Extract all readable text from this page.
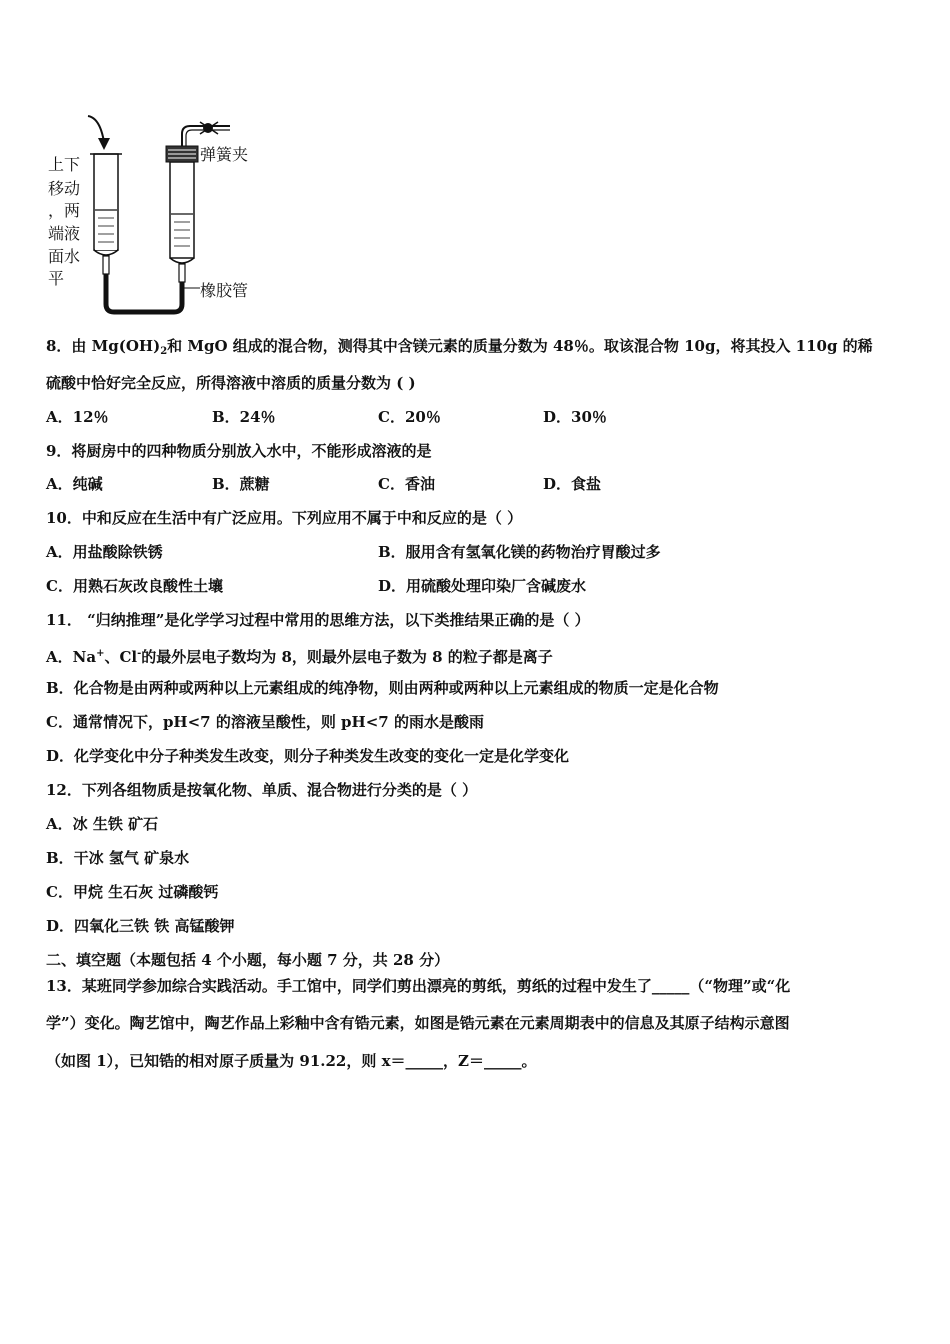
上下
移动
，两
端液
面水
平
弹簧夹
橡胶管
8．由 $Mg(OH)_2$和 MgO 组成的混合物，测得其中含镁元素的质量分数为 48％。取该混合物 10g，将其投入 110g 的稀
硫酸中恰好完全反应，所得溶液中溶质的质量分数为 ( )
A．12％	B．24％	C．20％	D．30％
9．将厨房中的四种物质分别放入水中，不能形成溶液的是
A．纯碱	B．蔗糖	C．香油	D．食盐
10．中和反应在生活中有广泛应用。下列应用不属于中和反应的是（ ）
A．用盐酸除铁锈	B．服用含有氢氧化镁的药物治疗胃酸过多
C．用熟石灰改良酸性土壤	D．用硫酸处理印染厂含碱废水
11． “归纳推理”是化学学习过程中常用的思维方法，以下类推结果正确的是（ ）
A．Na+、Cl-的最外层电子数均为 8，则最外层电子数为 8 的粒子都是离子
B．化合物是由两种或两种以上元素组成的纯净物，则由两种或两种以上元素组成的物质一定是化合物
C．通常情况下，pH<7 的溶液呈酸性，则 pH<7 的雨水是酸雨
D．化学变化中分子种类发生改变，则分子种类发生改变的变化一定是化学变化
12．下列各组物质是按氧化物、单质、混合物进行分类的是（ ）
A．冰 生铁 矿石
B．干冰 氢气 矿泉水
C．甲烷 生石灰 过磷酸钙
D．四氧化三铁 铁 高锰酸钾
二、填空题（本题包括 4 个小题，每小题 7 分，共 28 分）
13．某班同学参加综合实践活动。手工馆中，同学们剪出漂亮的剪纸，剪纸的过程中发生了_____（“物理”或“化
学”）变化。陶艺馆中，陶艺作品上彩釉中含有锆元素，如图是锆元素在元素周期表中的信息及其原子结构示意图
（如图 1），已知锆的相对原子质量为 91.22，则 x＝_____，Z＝_____。
